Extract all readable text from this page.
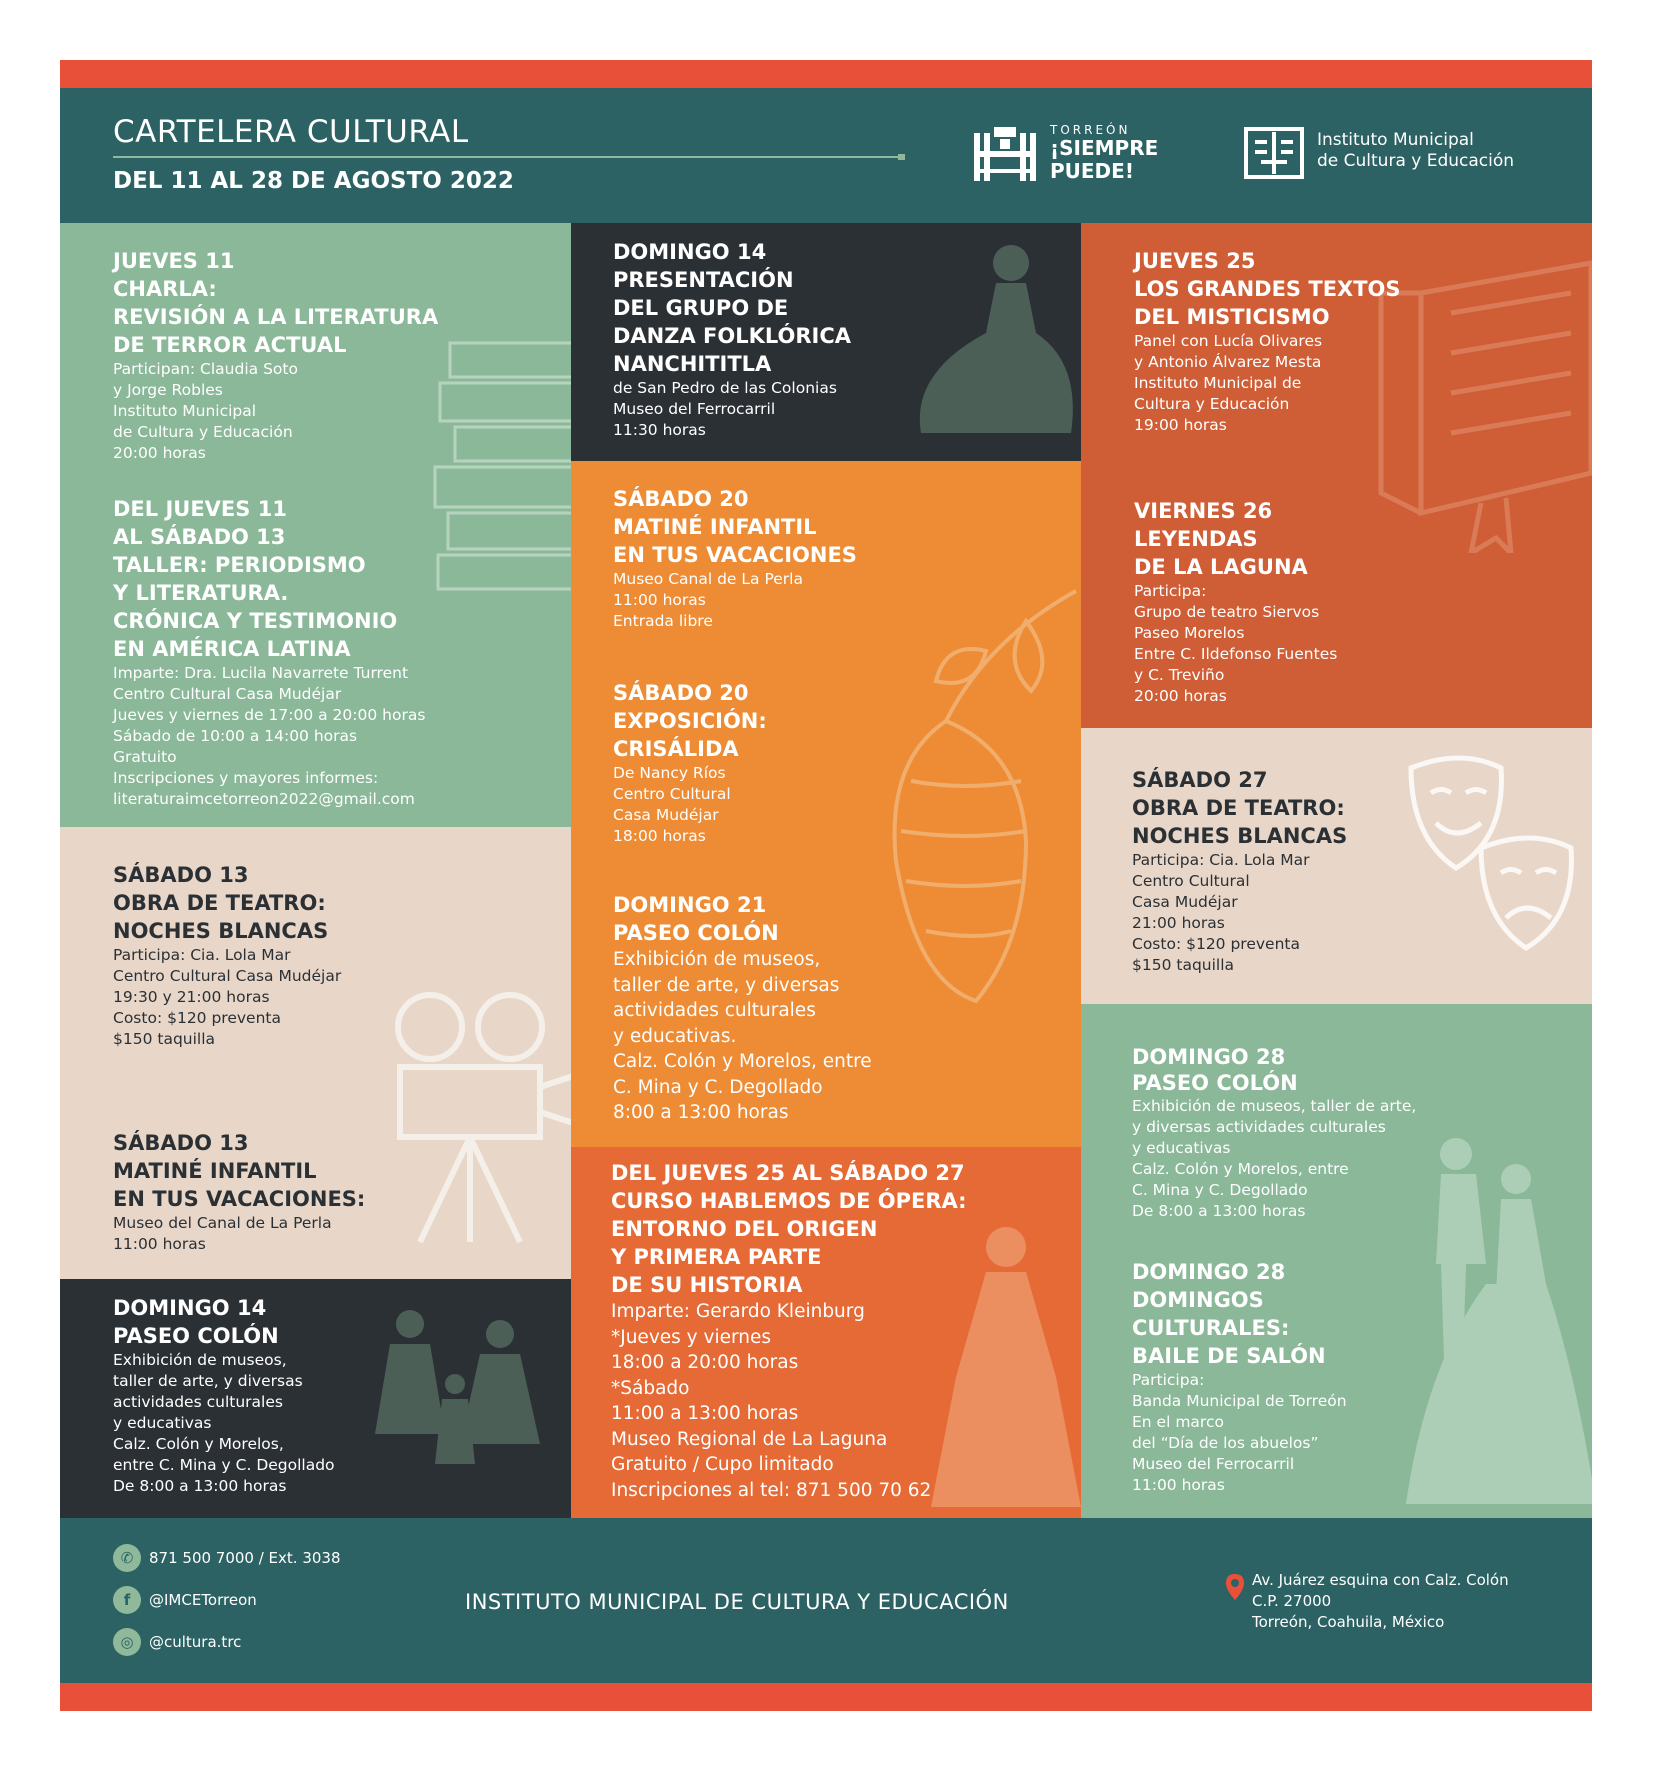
CARTELERA CULTURAL
DEL 11 AL 28 DE AGOSTO 2022
TORREÓN
¡SIEMPRE
PUEDE!
Instituto Municipal
de Cultura y Educación
JUEVES 11
CHARLA:
REVISIÓN A LA LITERATURA
DE TERROR ACTUAL
Participan: Claudia Soto
y Jorge Robles
Instituto Municipal
de Cultura y Educación
20:00 horas
DEL JUEVES 11
AL SÁBADO 13
TALLER: PERIODISMO
Y LITERATURA.
CRÓNICA Y TESTIMONIO
EN AMÉRICA LATINA
Imparte: Dra. Lucila Navarrete Turrent
Centro Cultural Casa Mudéjar
Jueves y viernes de 17:00 a 20:00 horas
Sábado de 10:00 a 14:00 horas
Gratuito
Inscripciones y mayores informes:
literaturaimcetorreon2022@gmail.com
SÁBADO 13
OBRA DE TEATRO:
NOCHES BLANCAS
Participa: Cia. Lola Mar
Centro Cultural Casa Mudéjar
19:30 y 21:00 horas
Costo: $120 preventa
$150 taquilla
SÁBADO 13
MATINÉ INFANTIL
EN TUS VACACIONES:
Museo del Canal de La Perla
11:00 horas
DOMINGO 14
PASEO COLÓN
Exhibición de museos,
taller de arte, y diversas
actividades culturales
y educativas
Calz. Colón y Morelos,
entre C. Mina y C. Degollado
De 8:00 a 13:00 horas
DOMINGO 14
PRESENTACIÓN
DEL GRUPO DE
DANZA FOLKLÓRICA
NANCHITITLA
de San Pedro de las Colonias
Museo del Ferrocarril
11:30 horas
SÁBADO 20
MATINÉ INFANTIL
EN TUS VACACIONES
Museo Canal de La Perla
11:00 horas
Entrada libre
SÁBADO 20
EXPOSICIÓN:
CRISÁLIDA
De Nancy Ríos
Centro Cultural
Casa Mudéjar
18:00 horas
DOMINGO 21
PASEO COLÓN
Exhibición de museos,
taller de arte, y diversas
actividades culturales
y educativas.
Calz. Colón y Morelos, entre
C. Mina y C. Degollado
8:00 a 13:00 horas
DEL JUEVES 25 AL SÁBADO 27
CURSO HABLEMOS DE ÓPERA:
ENTORNO DEL ORIGEN
Y PRIMERA PARTE
DE SU HISTORIA
Imparte: Gerardo Kleinburg
*Jueves y viernes
18:00 a 20:00 horas
*Sábado
11:00 a 13:00 horas
Museo Regional de La Laguna
Gratuito / Cupo limitado
Inscripciones al tel: 871 500 70 62
JUEVES 25
LOS GRANDES TEXTOS
DEL MISTICISMO
Panel con Lucía Olivares
y Antonio Álvarez Mesta
Instituto Municipal de
Cultura y Educación
19:00 horas
VIERNES 26
LEYENDAS
DE LA LAGUNA
Participa:
Grupo de teatro Siervos
Paseo Morelos
Entre C. Ildefonso Fuentes
y C. Treviño
20:00 horas
SÁBADO 27
OBRA DE TEATRO:
NOCHES BLANCAS
Participa: Cia. Lola Mar
Centro Cultural
Casa Mudéjar
21:00 horas
Costo: $120 preventa
$150 taquilla
DOMINGO 28
PASEO COLÓN
Exhibición de museos, taller de arte,
y diversas actividades culturales
y educativas
Calz. Colón y Morelos, entre
C. Mina y C. Degollado
De 8:00 a 13:00 horas
DOMINGO 28
DOMINGOS
CULTURALES:
BAILE DE SALÓN
Participa:
Banda Municipal de Torreón
En el marco
del “Día de los abuelos”
Museo del Ferrocarril
11:00 horas
✆	871 500 7000 / Ext. 3038
f	@IMCETorreon
◎	@cultura.trc
INSTITUTO MUNICIPAL DE CULTURA Y EDUCACIÓN
Av. Juárez esquina con Calz. Colón
C.P. 27000
Torreón, Coahuila, México
